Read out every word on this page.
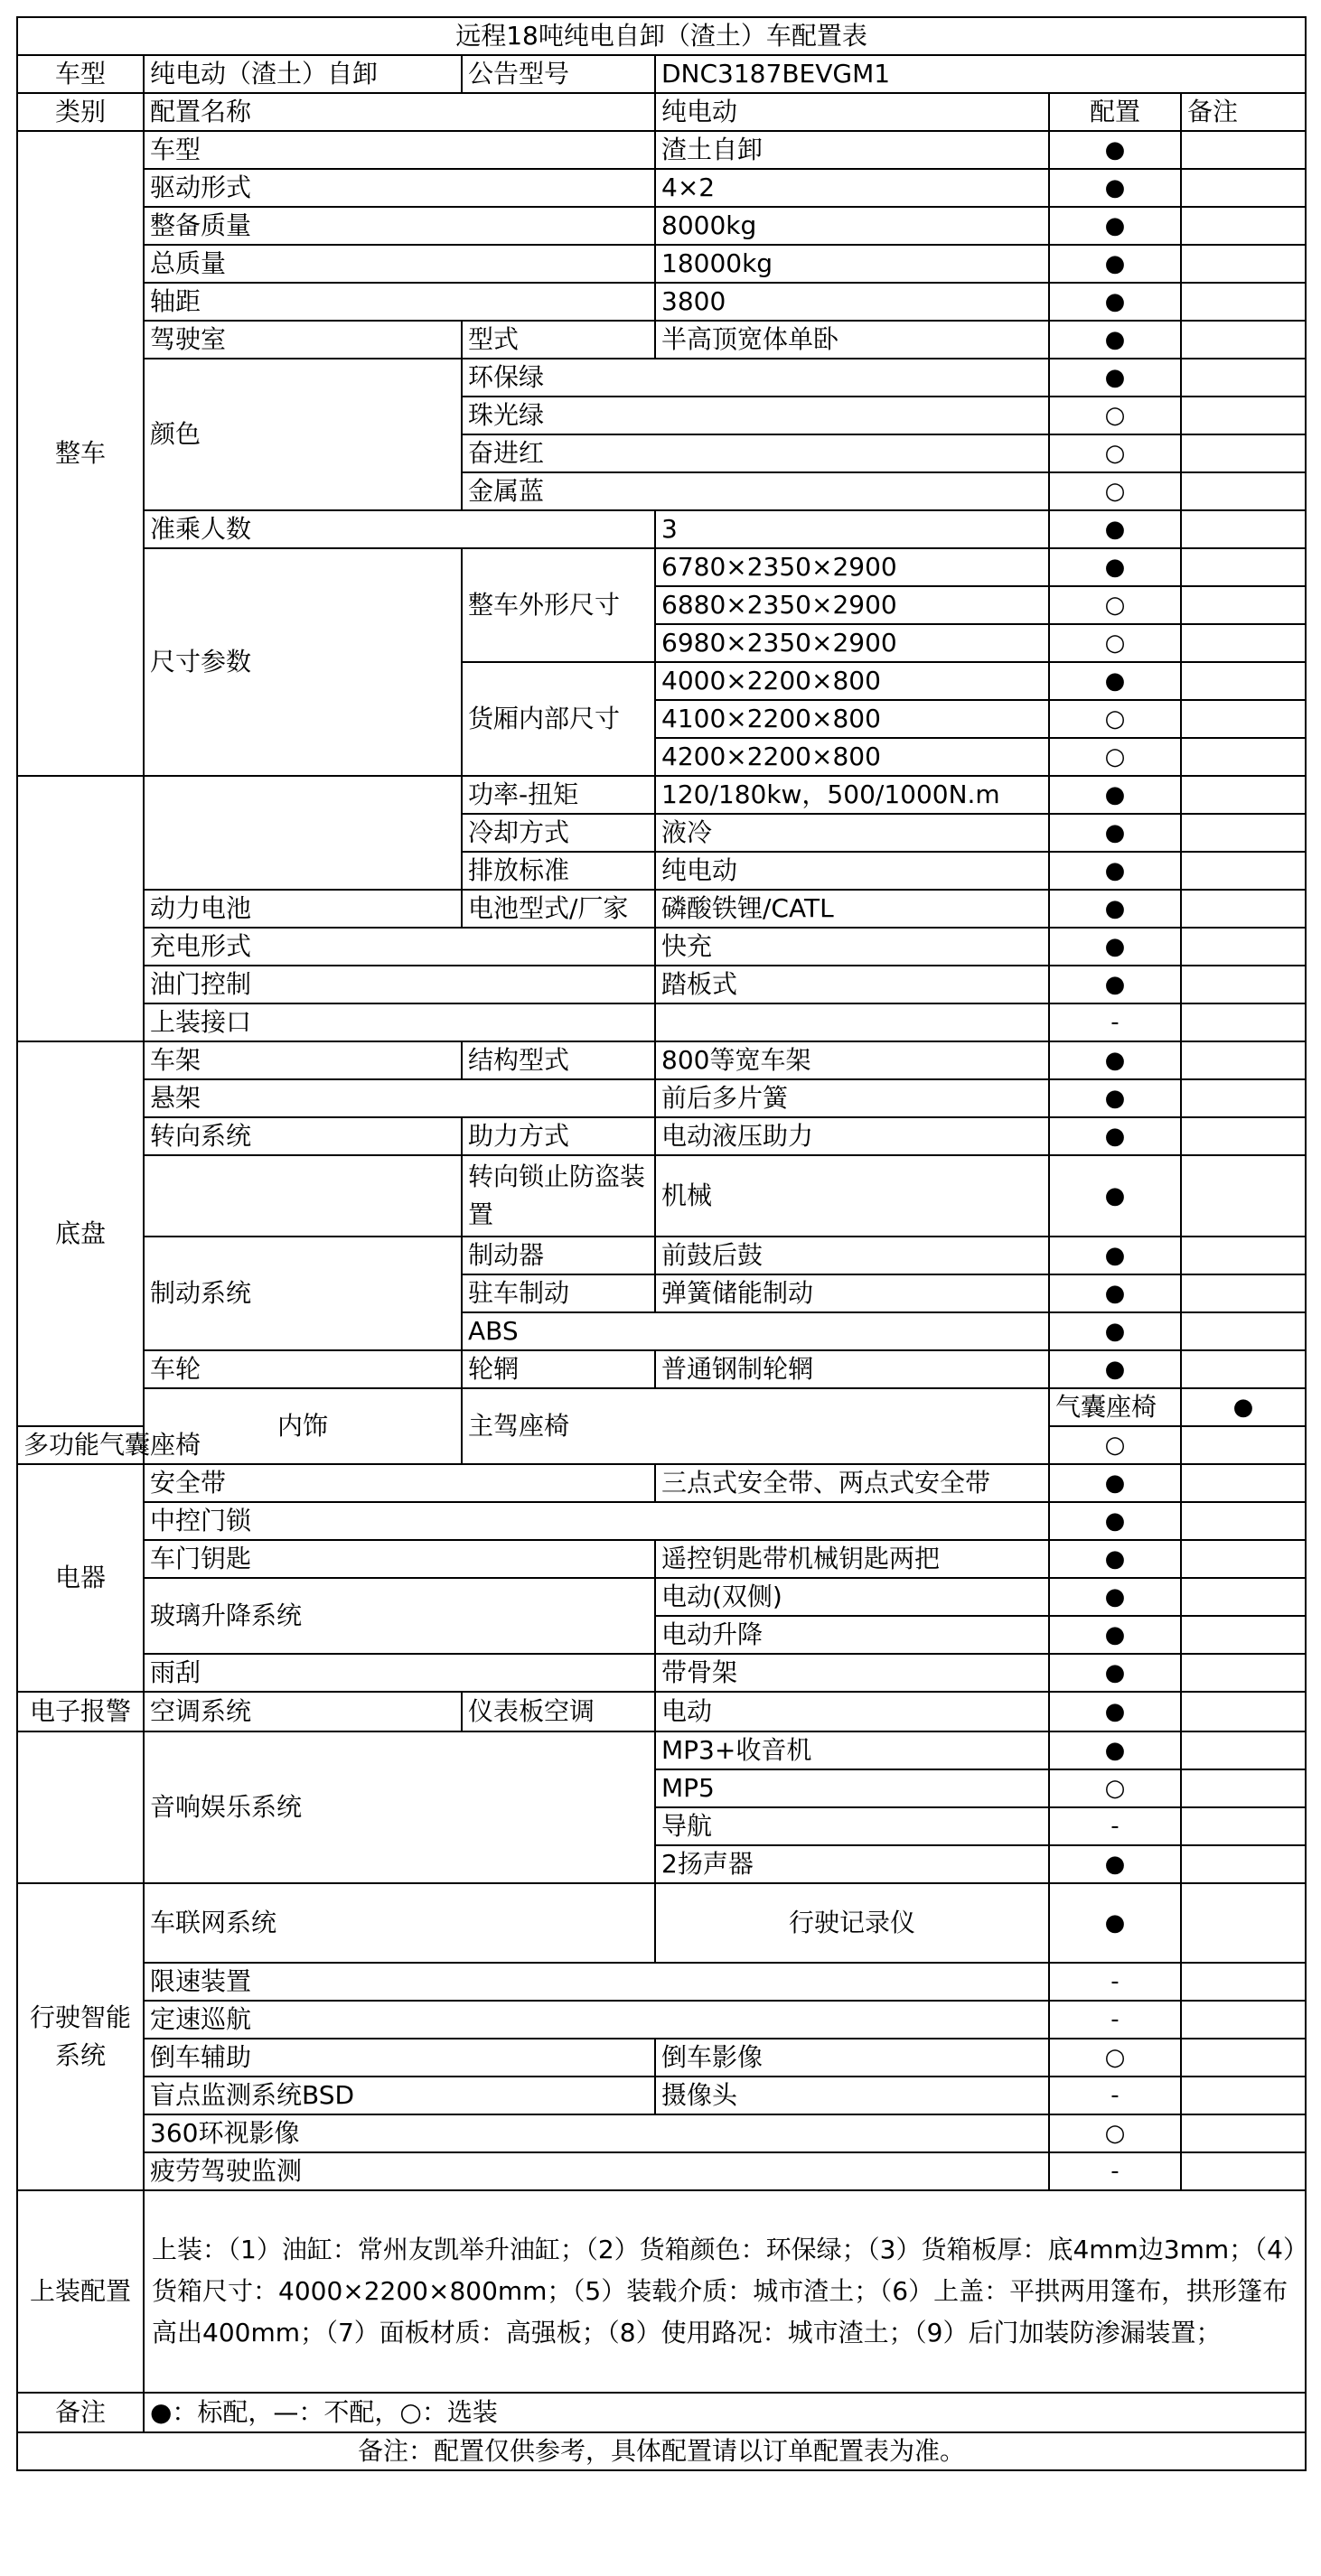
远程18吨纯电自卸（渣土）车配置表						
车型	纯电动（渣土）自卸	公告型号	DNC3187BEVGM1			
类别	配置名称		纯电动	配置	备注	
整车	车型		渣土自卸	●		
	驱动形式		4×2	●		
	整备质量		8000kg	●		
	总质量		18000kg	●		
	轴距		3800	●		
	驾驶室	型式	半高顶宽体单卧	●		
	颜色	环保绿		●		
		珠光绿		○		
		奋进红		○		
		金属蓝		○		
	准乘人数		3	●		
	尺寸参数	整车外形尺寸	6780×2350×2900	●		
			6880×2350×2900	○		
			6980×2350×2900	○		
		货厢内部尺寸	4000×2200×800	●		
			4100×2200×800	○		
			4200×2200×800	○		
		功率-扭矩	120/180kw，500/1000N.m	●		
		冷却方式	液冷	●		
		排放标准	纯电动	●		
	动力电池	电池型式/厂家	磷酸铁锂/CATL	●		
	充电形式		快充	●		
	油门控制		踏板式	●		
	上装接口			-		
底盘	车架	结构型式	800等宽车架	●		
	悬架		前后多片簧	●		
	转向系统	助力方式	电动液压助力	●		
		转向锁止防盗装置	机械	●		
	制动系统	制动器	前鼓后鼓	●		
		驻车制动	弹簧储能制动	●		
		ABS		●		
	车轮	轮辋	普通钢制轮辋	●		
	内饰	主驾座椅		气囊座椅	●	
多功能气囊座椅				○		
电器	安全带		三点式安全带、两点式安全带	●		
	中控门锁			●		
	车门钥匙		遥控钥匙带机械钥匙两把	●		
	玻璃升降系统		电动(双侧)	●		
			电动升降	●		
	雨刮		带骨架	●		
电子报警	空调系统	仪表板空调	电动	●		
	音响娱乐系统		MP3+收音机	●		
			MP5	○		
			导航	-		
			2扬声器	●		
行驶智能系统	车联网系统		行驶记录仪	●		
	限速装置			-		
	定速巡航			-		
	倒车辅助		倒车影像	○		
	盲点监测系统BSD		摄像头	-		
	360环视影像			○		
	疲劳驾驶监测			-		
上装配置	上装：（1）油缸：常州友凯举升油缸；（2）货箱颜色：环保绿；（3）货箱板厚：底4mm边3mm；（4）货箱尺寸：4000×2200×800mm；（5）装载介质：城市渣土；（6）上盖：平拱两用篷布，拱形篷布高出400mm；（7）面板材质：高强板；（8）使用路况：城市渣土；（9）后门加装防渗漏装置；					
备注	●：标配，—：不配，○：选装					
备注：配置仅供参考，具体配置请以订单配置表为准。						
